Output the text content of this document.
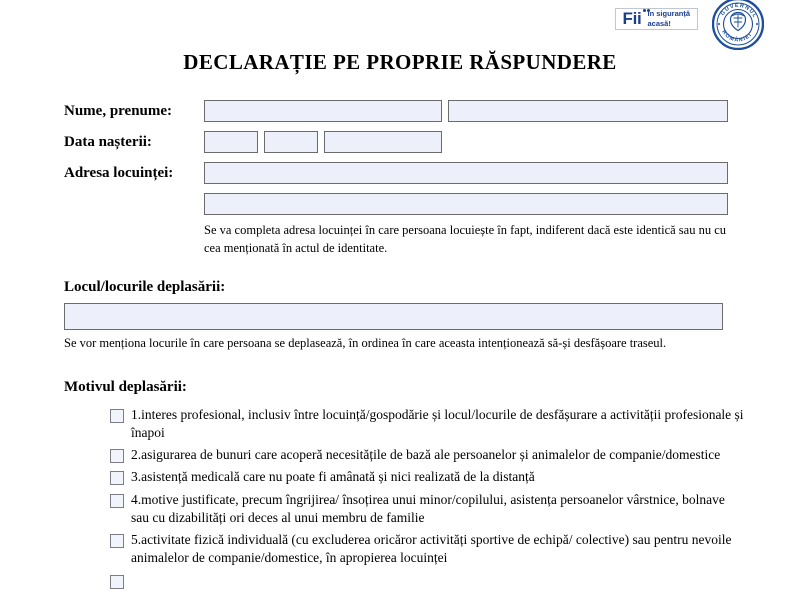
Fii în siguranță
acasă!
GUVERNUL
ROMÂNIEI
DECLARAȚIE PE PROPRIE RĂSPUNDERE
Nume, prenume:
Data nașterii:
Adresa locuinței:
Se va completa adresa locuinței în care persoana locuiește în fapt, indiferent dacă este identică sau nu cu cea menționată în actul de identitate.
Locul/locurile deplasării:
Se vor menționa locurile în care persoana se deplasează, în ordinea în care aceasta intenționează să-și desfășoare traseul.
Motivul deplasării:
1.interes profesional, inclusiv între locuință/gospodărie și locul/locurile de desfășurare a activității profesionale și înapoi
2.asigurarea de bunuri care acoperă necesitățile de bază ale persoanelor și animalelor de companie/domestice
3.asistență medicală care nu poate fi amânată și nici realizată de la distanță
4.motive justificate, precum îngrijirea/ însoțirea unui minor/copilului, asistența persoanelor vârstnice, bolnave sau cu dizabilități ori deces al unui membru de familie
5.activitate fizică individuală (cu excluderea oricăror activități sportive de echipă/ colective) sau pentru nevoile animalelor de companie/domestice, în apropierea locuinței
